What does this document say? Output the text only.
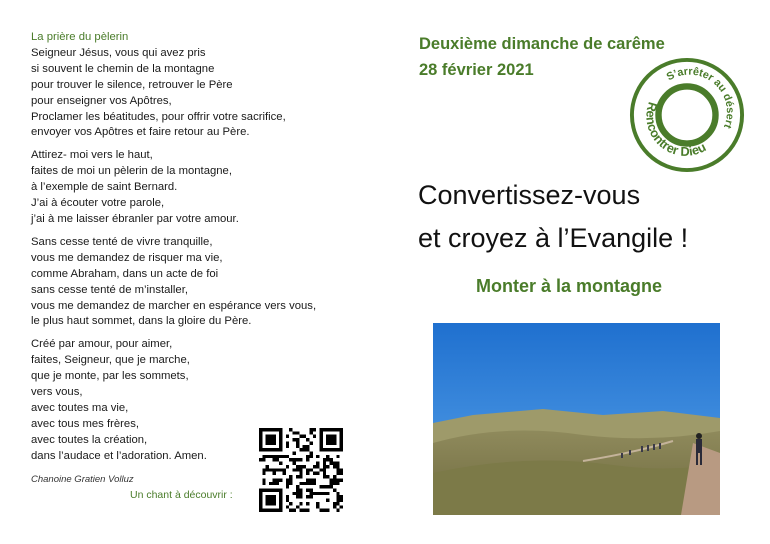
La prière du pèlerin

Seigneur Jésus, vous qui avez pris
si souvent le chemin de la montagne
pour trouver le silence, retrouver le Père
pour enseigner vos Apôtres,
Proclamer les béatitudes, pour offrir votre sacrifice,
envoyer vos Apôtres et faire retour au Père.

Attirez- moi vers le haut,
faites de moi un pèlerin de la montagne,
à l’exemple de saint Bernard.
J’ai à écouter votre parole,
j’ai à me laisser ébranler par votre amour.

Sans cesse tenté de vivre tranquille,
vous me demandez de risquer ma vie,
comme Abraham, dans un acte de foi
sans cesse tenté de m’installer,
vous me demandez de marcher en espérance vers vous,
le plus haut sommet, dans la gloire du Père.

Créé par amour, pour aimer,
faites, Seigneur, que je marche,
que je monte, par les sommets,
vers vous,
avec toutes ma vie,
avec tous mes frères,
avec toutes la création,
dans l’audace et l’adoration. Amen.

Chanoine Gratien Volluz
Un chant à découvrir :
Deuxième dimanche de carême
28 février 2021	S’arrêter au désert
Rencontrer Dieu
Convertissez-vous
et croyez à l’Evangile !
Monter à la montagne
